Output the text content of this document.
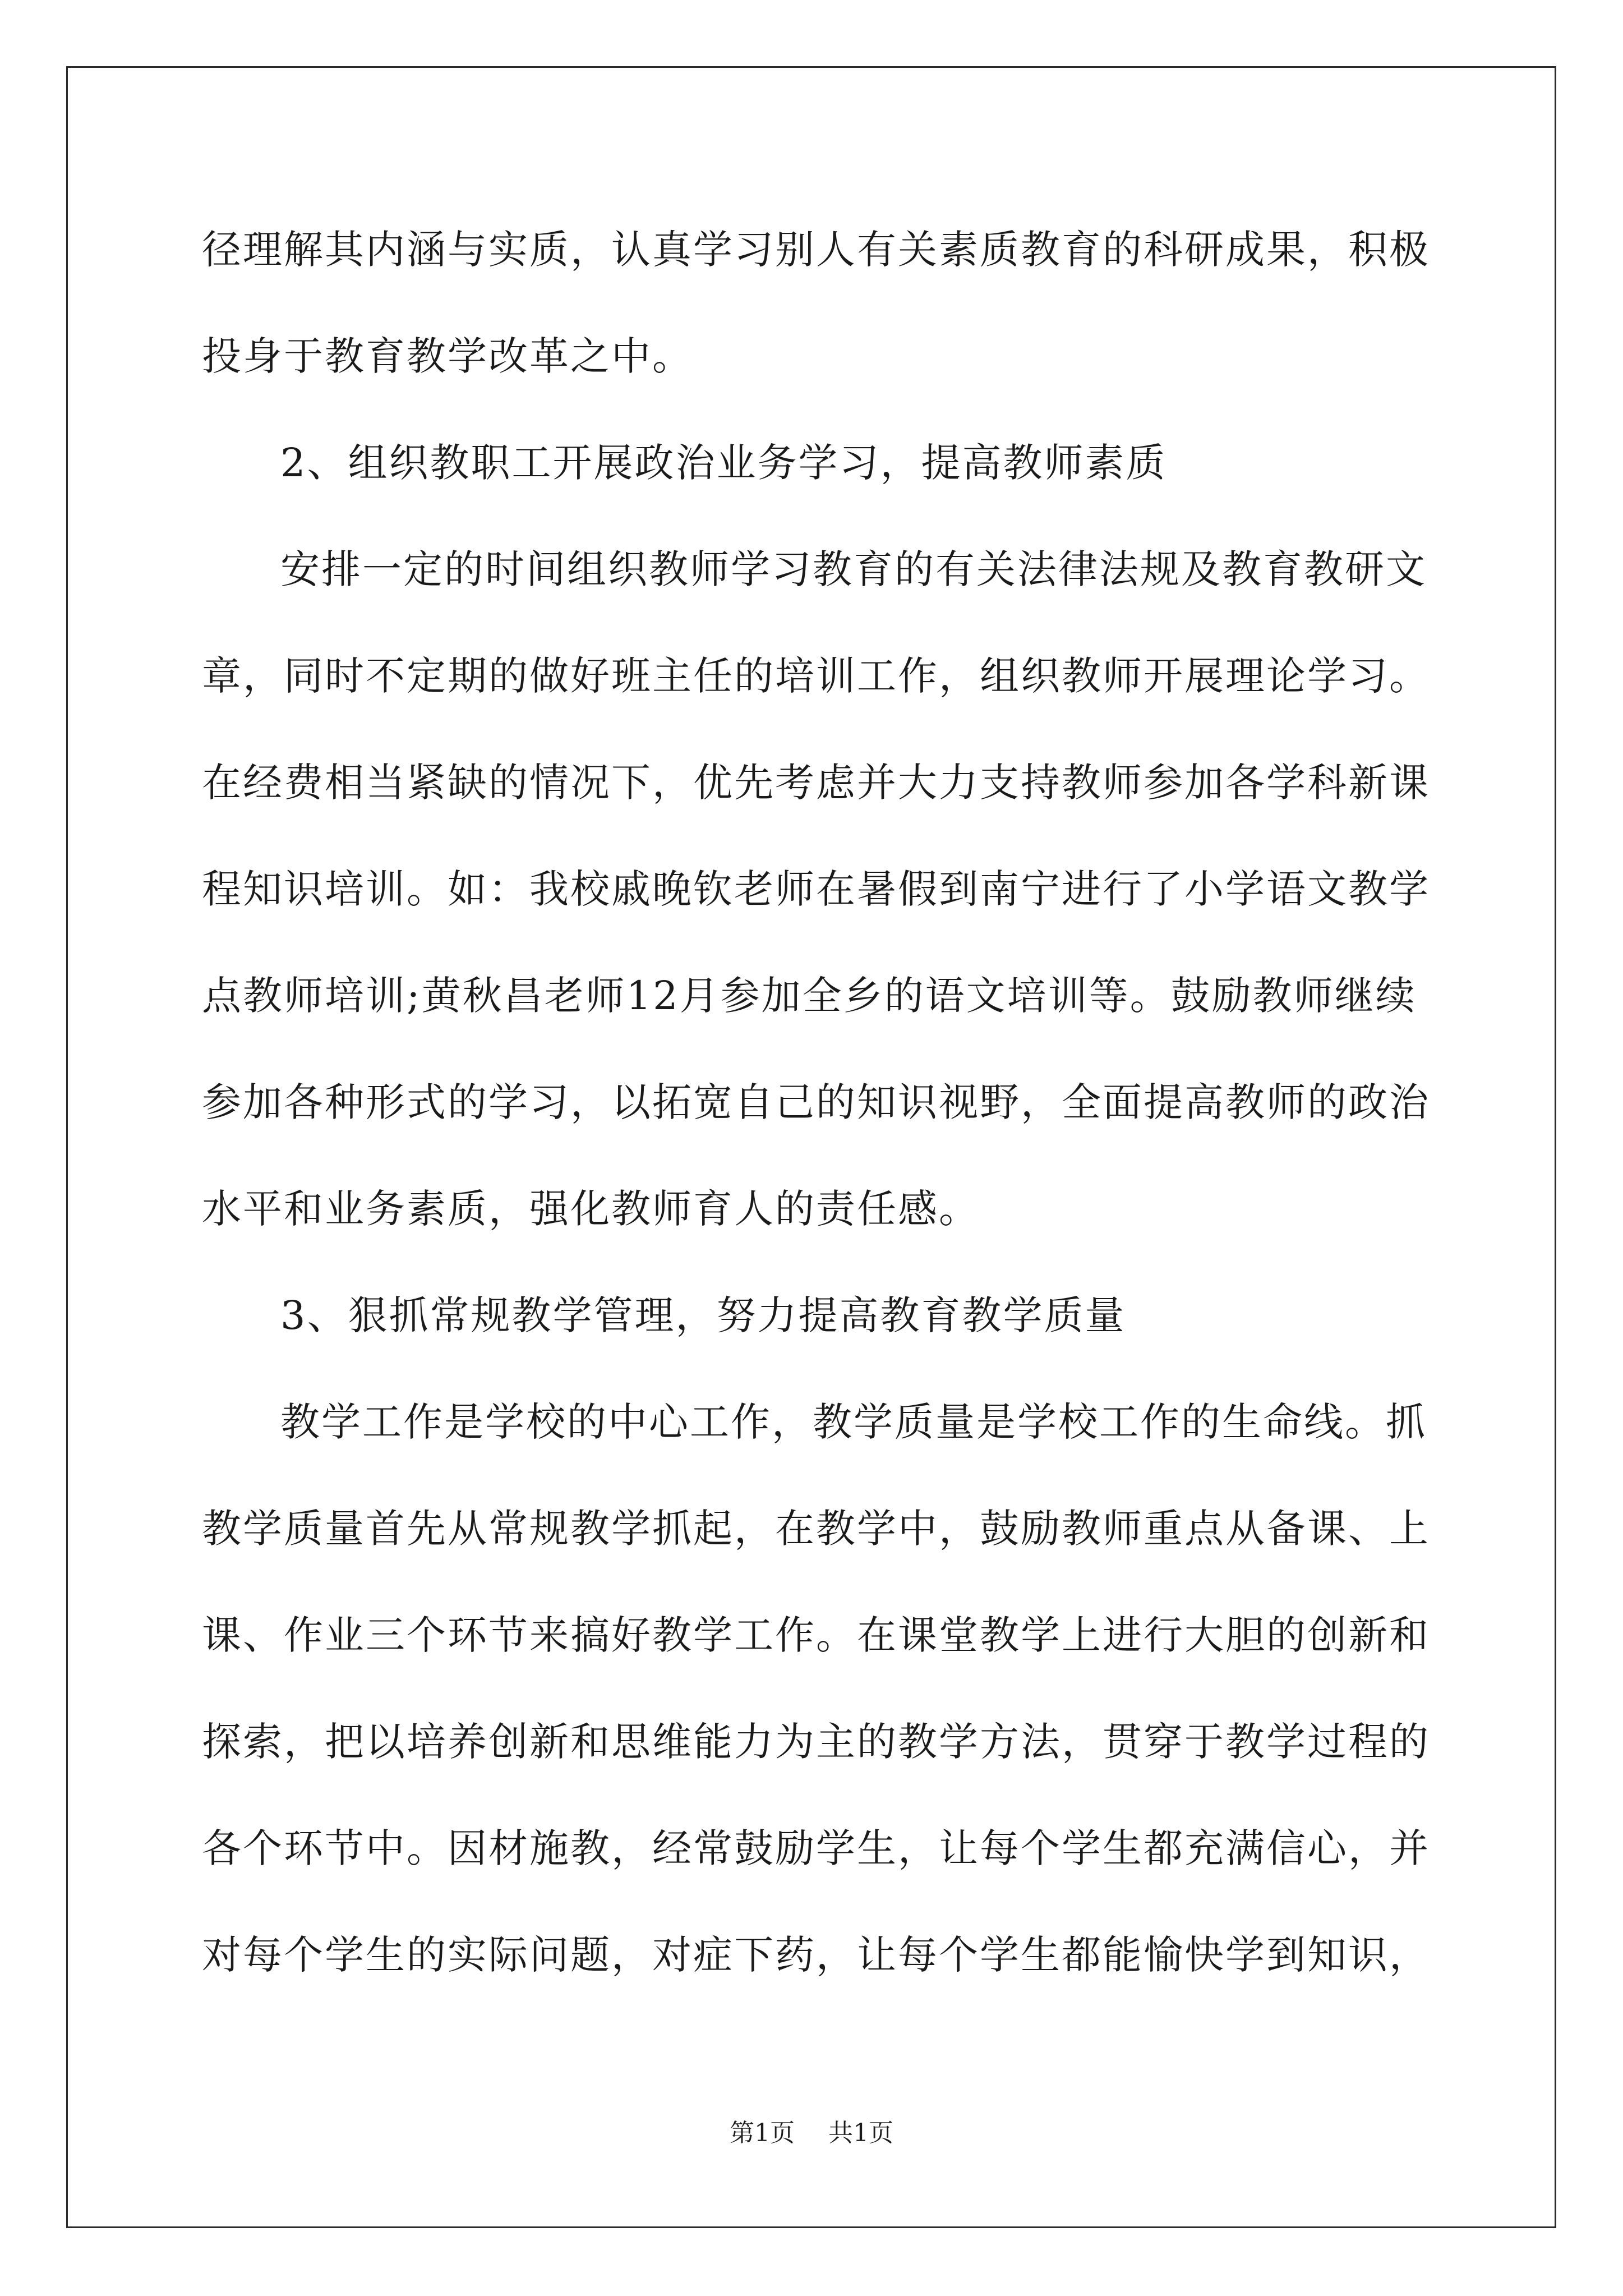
径理解其内涵与实质，认真学习别人有关素质教育的科研成果，积极
投身于教育教学改革之中。
2、组织教职工开展政治业务学习，提高教师素质
安排一定的时间组织教师学习教育的有关法律法规及教育教研文
章，同时不定期的做好班主任的培训工作，组织教师开展理论学习。
在经费相当紧缺的情况下，优先考虑并大力支持教师参加各学科新课
程知识培训。如：我校戚晚钦老师在暑假到南宁进行了小学语文教学
点教师培训;黄秋昌老师12月参加全乡的语文培训等。鼓励教师继续
参加各种形式的学习，以拓宽自己的知识视野，全面提高教师的政治
水平和业务素质，强化教师育人的责任感。
3、狠抓常规教学管理，努力提高教育教学质量
教学工作是学校的中心工作，教学质量是学校工作的生命线。抓
教学质量首先从常规教学抓起，在教学中，鼓励教师重点从备课、上
课、作业三个环节来搞好教学工作。在课堂教学上进行大胆的创新和
探索，把以培养创新和思维能力为主的教学方法，贯穿于教学过程的
各个环节中。因材施教，经常鼓励学生，让每个学生都充满信心，并
对每个学生的实际问题，对症下药，让每个学生都能愉快学到知识，
第1页 共1页
